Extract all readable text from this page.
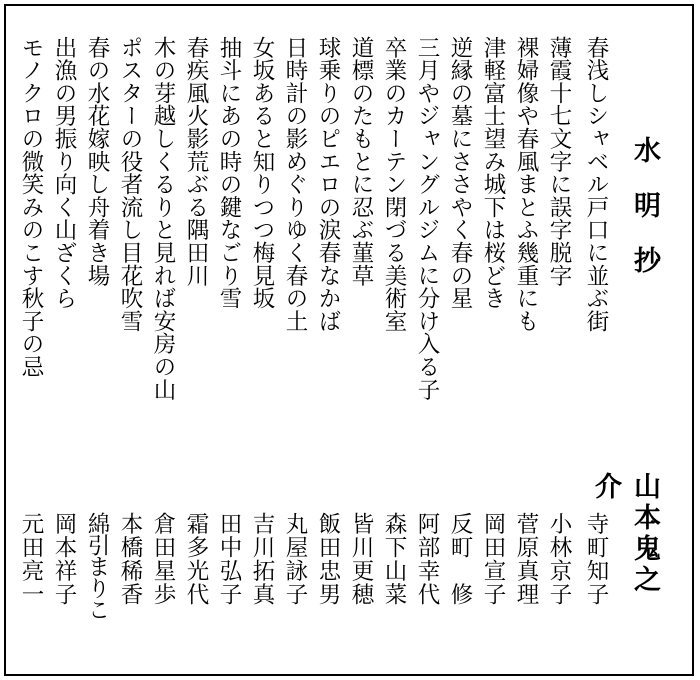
水明抄
山本鬼之介
春浅しシャベル戸口に並ぶ街
寺町知子
薄霞十七文字に誤字脱字
小林京子
裸婦像や春風まとふ幾重にも
菅原真理
津軽富士望み城下は桜どき
岡田宣子
逆縁の墓にささやく春の星
反町　修
三月やジャングルジムに分け入る子
阿部幸代
卒業のカーテン閉づる美術室
森下山菜
道標のたもとに忍ぶ菫草
皆川更穂
球乗りのピエロの涙春なかば
飯田忠男
日時計の影めぐりゆく春の土
丸屋詠子
女坂あると知りつつ梅見坂
吉川拓真
抽斗にあの時の鍵なごり雪
田中弘子
春疾風火影荒ぶる隅田川
霜多光代
木の芽越しくるりと見れば安房の山
倉田星歩
ポスターの役者流し目花吹雪
本橋稀香
春の水花嫁映し舟着き場
綿引まりこ
出漁の男振り向く山ざくら
岡本祥子
モノクロの微笑みのこす秋子の忌
元田亮一
